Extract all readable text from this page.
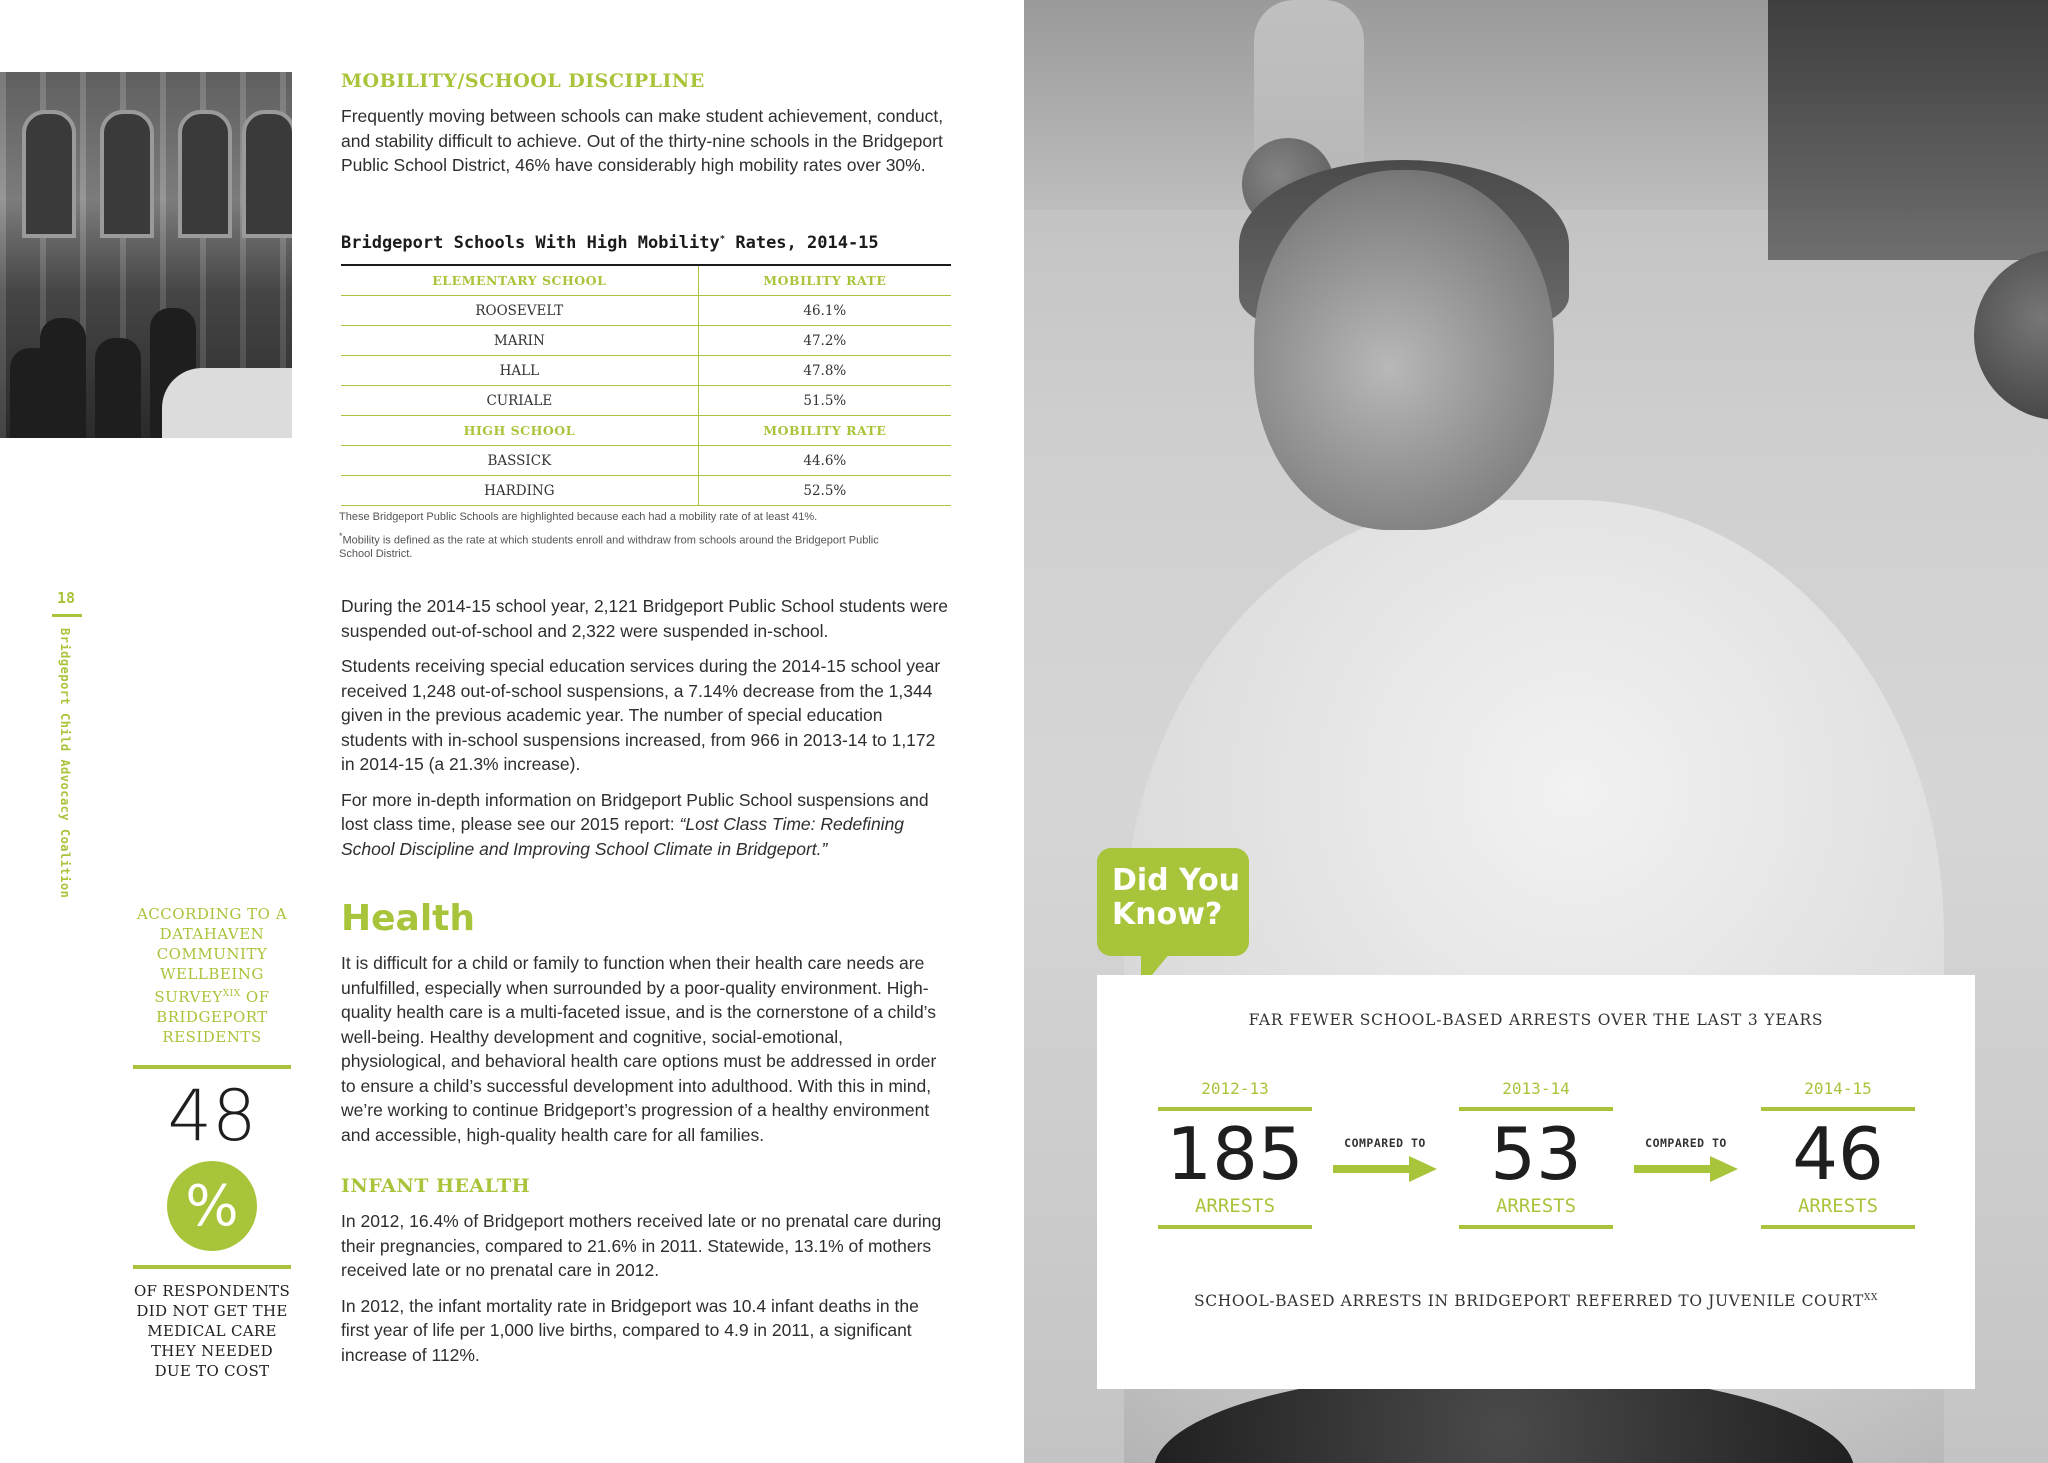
18
Bridgeport Child Advocacy Coalition
MOBILITY/SCHOOL DISCIPLINE

Frequently moving between schools can make student achievement, conduct, and stability difficult to achieve. Out of the thirty-nine schools in the Bridgeport Public School District, 46% have considerably high mobility rates over 30%.

Bridgeport Schools With High Mobility* Rates, 2014-15
ELEMENTARY SCHOOL	MOBILITY RATE
ROOSEVELT	46.1%
MARIN	47.2%
HALL	47.8%
CURIALE	51.5%
HIGH SCHOOL	MOBILITY RATE
BASSICK	44.6%
HARDING	52.5%
These Bridgeport Public Schools are highlighted because each had a mobility rate of at least 41%.
*Mobility is defined as the rate at which students enroll and withdraw from schools around the Bridgeport Public School District.

During the 2014-15 school year, 2,121 Bridgeport Public School students were suspended out-of-school and 2,322 were suspended in-school.

Students receiving special education services during the 2014-15 school year received 1,248 out-of-school suspensions, a 7.14% decrease from the 1,344 given in the previous academic year. The number of special education students with in-school suspensions increased, from 966 in 2013-14 to 1,172 in 2014-15 (a 21.3% increase).

For more in-depth information on Bridgeport Public School suspensions and lost class time, please see our 2015 report: “Lost Class Time: Redefining School Discipline and Improving School Climate in Bridgeport.”

Health

It is difficult for a child or family to function when their health care needs are unfulfilled, especially when surrounded by a poor-quality environment. High-quality health care is a multi-faceted issue, and is the cornerstone of a child’s well-being. Healthy development and cognitive, social-emotional, physiological, and behavioral health care options must be addressed in order to ensure a child’s successful development into adulthood. With this in mind, we’re working to continue Bridgeport’s progression of a healthy environment and accessible, high-quality health care for all families.

INFANT HEALTH

In 2012, 16.4% of Bridgeport mothers received late or no prenatal care during their pregnancies, compared to 21.6% in 2011. Statewide, 13.1% of mothers received late or no prenatal care in 2012.

In 2012, the infant mortality rate in Bridgeport was 10.4 infant deaths in the first year of life per 1,000 live births, compared to 4.9 in 2011, a significant increase of 112%.

ACCORDING TO A DATAHAVEN COMMUNITY WELLBEING $SURVEY^{XIX}$ OF BRIDGEPORT RESIDENTS
48
%
OF RESPONDENTS DID NOT GET THE MEDICAL CARE THEY NEEDED DUE TO COST
Did You
Know?
FAR FEWER SCHOOL-BASED ARRESTS OVER THE LAST 3 YEARS
2012-13
185
ARRESTS
COMPARED TO
2013-14
53
ARRESTS
COMPARED TO
2014-15
46
ARRESTS
SCHOOL-BASED ARRESTS IN BRIDGEPORT REFERRED TO JUVENILE $COURT^{XX}$
